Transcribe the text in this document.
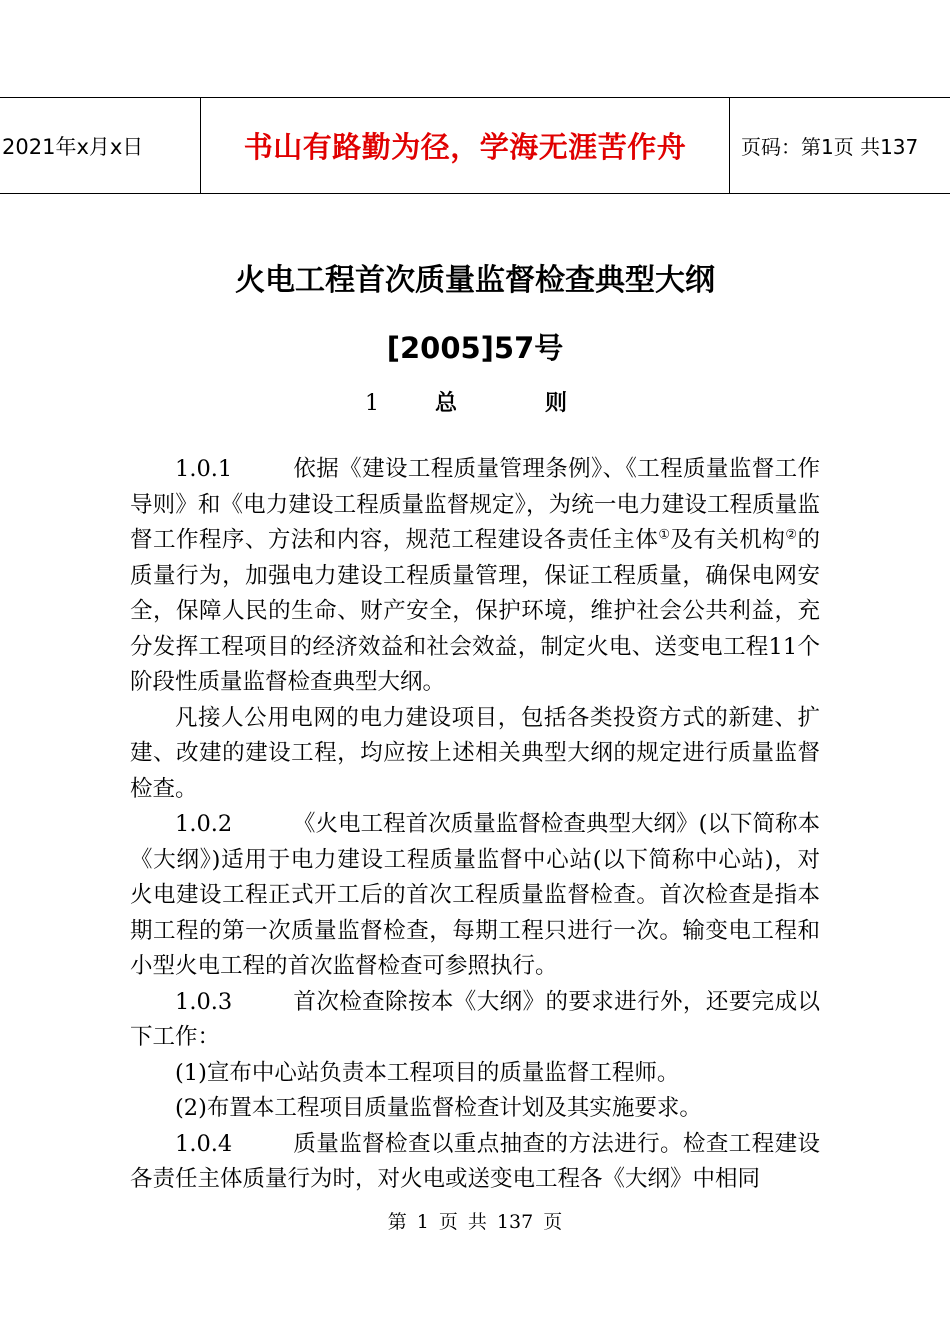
2021年x月x日	书山有路勤为径，学海无涯苦作舟	页码：第1页 共137
火电工程首次质量监督检查典型大纲
[2005]57号
1	总	则

1.0.1	依据《建设工程质量管理条例》、《工程质量监督工作导则》和《电力建设工程质量监督规定》，为统一电力建设工程质量监督工作程序、方法和内容，规范工程建设各责任主体①及有关机构②的质量行为，加强电力建设工程质量管理，保证工程质量，确保电网安全，保障人民的生命、财产安全，保护环境，维护社会公共利益，充分发挥工程项目的经济效益和社会效益，制定火电、送变电工程11个阶段性质量监督检查典型大纲。

凡接人公用电网的电力建设项目，包括各类投资方式的新建、扩建、改建的建设工程，均应按上述相关典型大纲的规定进行质量监督检查。

1.0.2	《火电工程首次质量监督检查典型大纲》(以下简称本《大纲》)适用于电力建设工程质量监督中心站(以下简称中心站)，对火电建设工程正式开工后的首次工程质量监督检查。首次检查是指本期工程的第一次质量监督检查，每期工程只进行一次。输变电工程和小型火电工程的首次监督检查可参照执行。

1.0.3	首次检查除按本《大纲》的要求进行外，还要完成以下工作：

(1)宣布中心站负责本工程项目的质量监督工程师。

(2)布置本工程项目质量监督检查计划及其实施要求。

1.0.4	质量监督检查以重点抽查的方法进行。检查工程建设各责任主体质量行为时，对火电或送变电工程各《大纲》中相同

第 1 页 共 137 页
